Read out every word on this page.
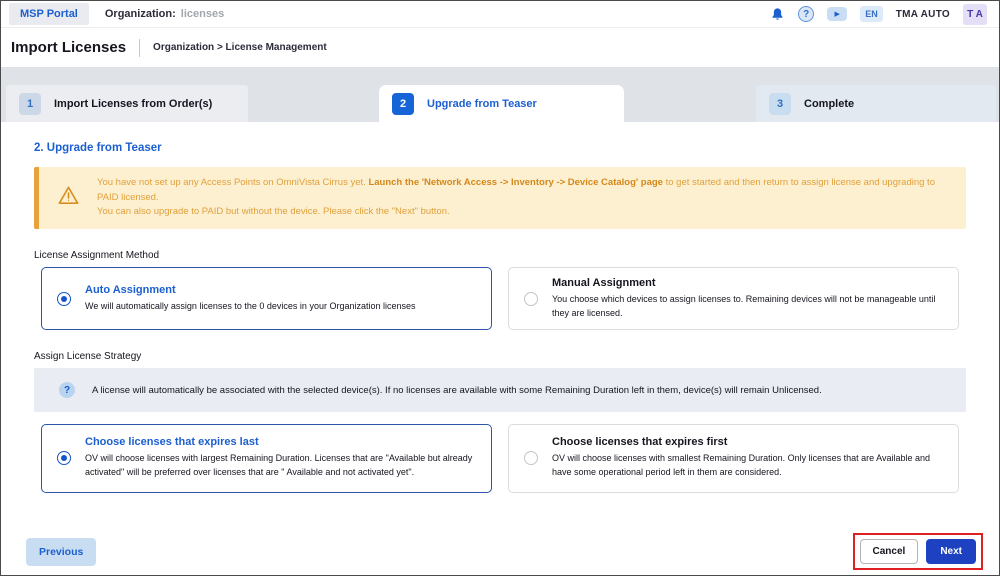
MSP Portal	Organization: licenses	?	▶	EN	TMA AUTO	T A
Import Licenses	Organization > License Management
1	Import Licenses from Order(s)	2	Upgrade from Teaser	3	Complete
2. Upgrade from Teaser
You have not set up any Access Points on OmniVista Cirrus yet. Launch the 'Network Access -> Inventory -> Device Catalog' page to get started and then return to assign license and upgrading to PAID licensed.
You can also upgrade to PAID but without the device. Please click the "Next" button.
License Assignment Method
Auto Assignment
We will automatically assign licenses to the 0 devices in your Organization licenses
Manual Assignment
You choose which devices to assign licenses to. Remaining devices will not be manageable until they are licensed.
Assign License Strategy
?	A license will automatically be associated with the selected device(s). If no licenses are available with some Remaining Duration left in them, device(s) will remain Unlicensed.
Choose licenses that expires last
OV will choose licenses with largest Remaining Duration. Licenses that are "Available but already activated" will be preferred over licenses that are " Available and not activated yet".
Choose licenses that expires first
OV will choose licenses with smallest Remaining Duration. Only licenses that are Available and have some operational period left in them are considered.
Previous	Cancel	Next
